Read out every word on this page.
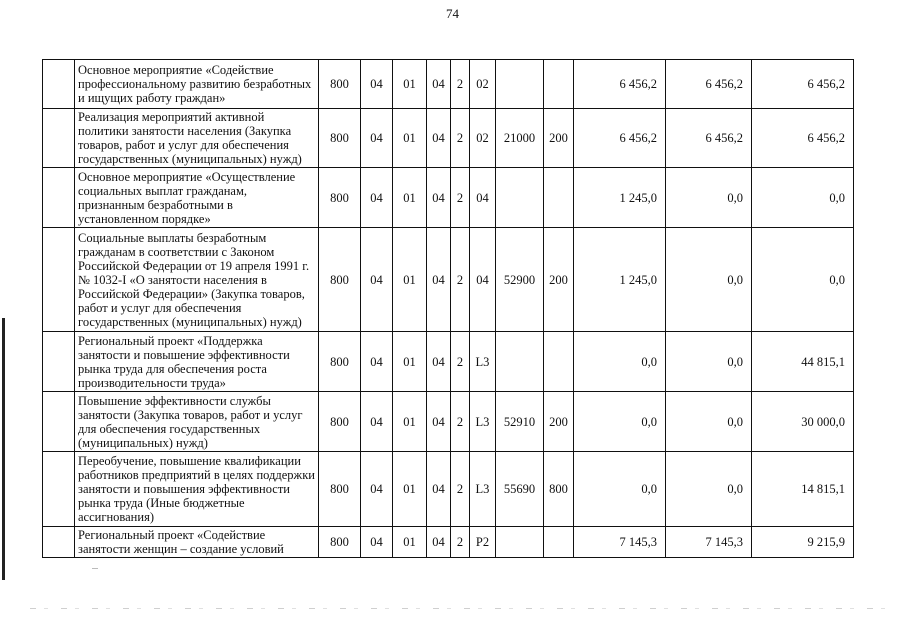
74
	Основное мероприятие «Содействие профессиональному развитию безработных и ищущих работу граждан»	800	04	01	04	2	02			6 456,2	6 456,2	6 456,2
	Реализация мероприятий активной политики занятости населения (Закупка товаров, работ и услуг для обеспечения государственных (муниципальных) нужд)	800	04	01	04	2	02	21000	200	6 456,2	6 456,2	6 456,2
	Основное мероприятие «Осуществление социальных выплат гражданам, признанным безработными в установленном порядке»	800	04	01	04	2	04			1 245,0	0,0	0,0
	Социальные выплаты безработным гражданам в соответствии с Законом Российской Федерации от 19 апреля 1991 г. № 1032-I «О занятости населения в Российской Федерации» (Закупка товаров, работ и услуг для обеспечения государственных (муниципальных) нужд)	800	04	01	04	2	04	52900	200	1 245,0	0,0	0,0
	Региональный проект «Поддержка занятости и повышение эффективности рынка труда для обеспечения роста производительности труда»	800	04	01	04	2	L3			0,0	0,0	44 815,1
	Повышение эффективности службы занятости (Закупка товаров, работ и услуг для обеспечения государственных (муниципальных) нужд)	800	04	01	04	2	L3	52910	200	0,0	0,0	30 000,0
	Переобучение, повышение квалификации работников предприятий в целях поддержки занятости и повышения эффективности рынка труда (Иные бюджетные ассигнования)	800	04	01	04	2	L3	55690	800	0,0	0,0	14 815,1
	Региональный проект «Содействие занятости женщин – создание условий	800	04	01	04	2	P2			7 145,3	7 145,3	9 215,9
